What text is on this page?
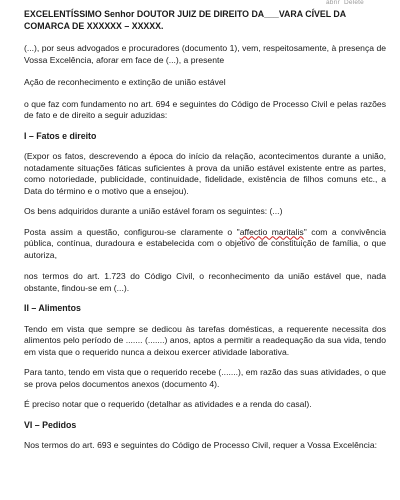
abrir Delete

EXCELENTÍSSIMO Senhor DOUTOR JUIZ DE DIREITO DA___VARA CÍVEL DA COMARCA DE XXXXXX – XXXXX.

(...), por seus advogados e procuradores (documento 1), vem, respeitosamente, à presença de Vossa Excelência, aforar em face de (...), a presente

Ação de reconhecimento e extinção de união estável

o que faz com fundamento no art. 694 e seguintes do Código de Processo Civil e pelas razões de fato e de direito a seguir aduzidas:

I – Fatos e direito

(Expor os fatos, descrevendo a época do início da relação, acontecimentos durante a união, notadamente situações fáticas suficientes à prova da união estável existente entre as partes, como notoriedade, publicidade, continuidade, fidelidade, existência de filhos comuns etc., a Data do término e o motivo que a ensejou).

Os bens adquiridos durante a união estável foram os seguintes: (...)

Posta assim a questão, configurou-se claramente o "affectio maritalis" com a convivência pública, contínua, duradoura e estabelecida com o objetivo de constituição de família, o que autoriza,

nos termos do art. 1.723 do Código Civil, o reconhecimento da união estável que, nada obstante, findou-se em (...).

II – Alimentos

Tendo em vista que sempre se dedicou às tarefas domésticas, a requerente necessita dos alimentos pelo período de ....... (.......) anos, aptos a permitir a readequação da sua vida, tendo em vista que o requerido nunca a deixou exercer atividade laborativa.

Para tanto, tendo em vista que o requerido recebe (.......), em razão das suas atividades, o que se prova pelos documentos anexos (documento 4).

É preciso notar que o requerido (detalhar as atividades e a renda do casal).

VI – Pedidos

Nos termos do art. 693 e seguintes do Código de Processo Civil, requer a Vossa Excelência:
